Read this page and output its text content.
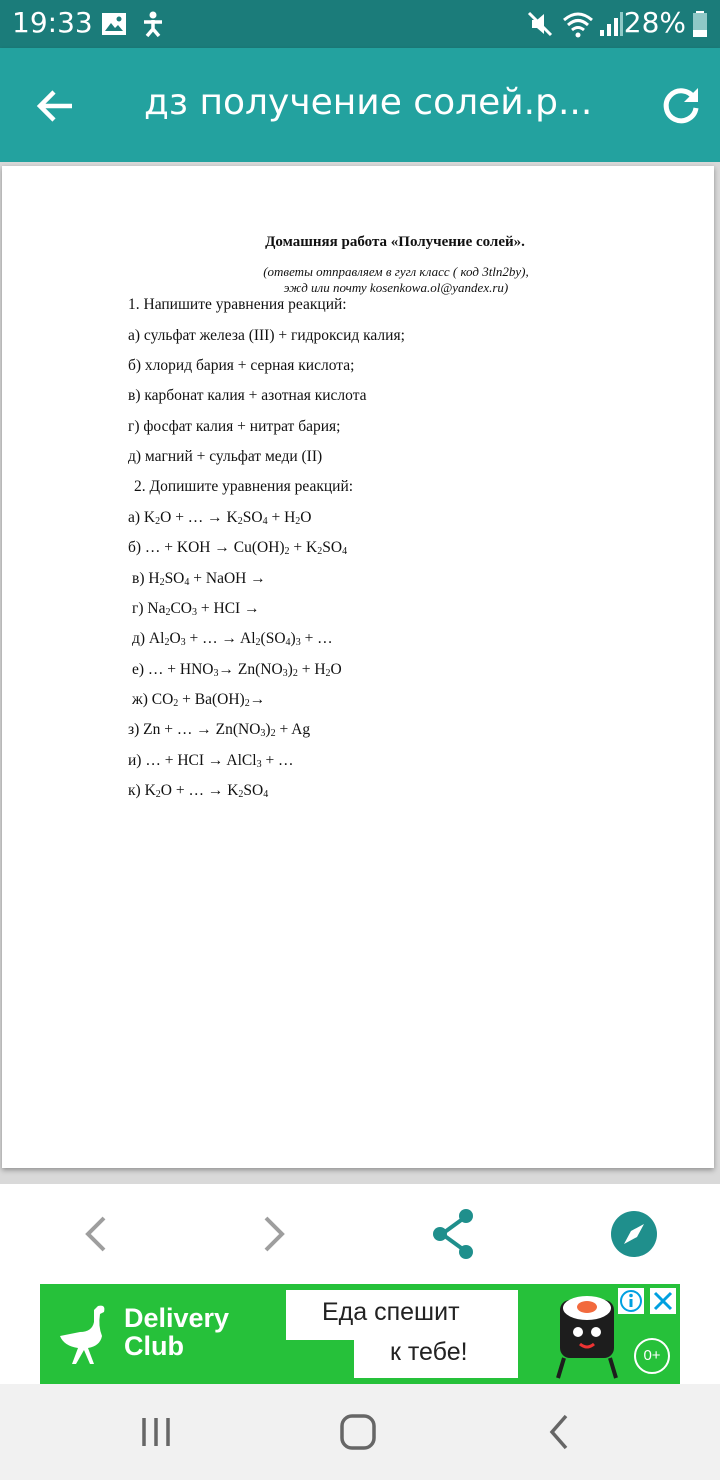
19:33	28%
дз получение солей.р...
Домашняя работа «Получение солей».
(ответы отправляем в гугл класс ( код 3tln2by),
эжд или почту kosenkowa.ol@yandex.ru)
1. Напишите уравнения реакций:
а) сульфат железа (III) + гидроксид калия;
б) хлорид бария + серная кислота;
в) карбонат калия + азотная кислота
г) фосфат калия + нитрат бария;
д) магний + сульфат меди (II)
2. Допишите уравнения реакций:
а) $K_2O$ + … → $K_2SO_4 + H_2O$
б) … + KOH → $Cu(OH)_2 + K_2SO_4$
в) $H_2SO_4$ + NaOH →
г) $Na_2CO_3$ + HCI →
д) $Al_2O_3$ + … → $Al_2(SO_4)_3$ + …
е) … + $HNO_3\to Zn(NO_3)_2 + H_2O$
ж) $CO_2 + Ba(OH)_2\to$
з) Zn + … → $Zn(NO_3)_2 + Ag$
и) … + HCI → AlCl$_3$ + …
к) $K_2O$ + … → $K_2SO_4$
Delivery
Club
Еда спешит
к тебе!	0+
